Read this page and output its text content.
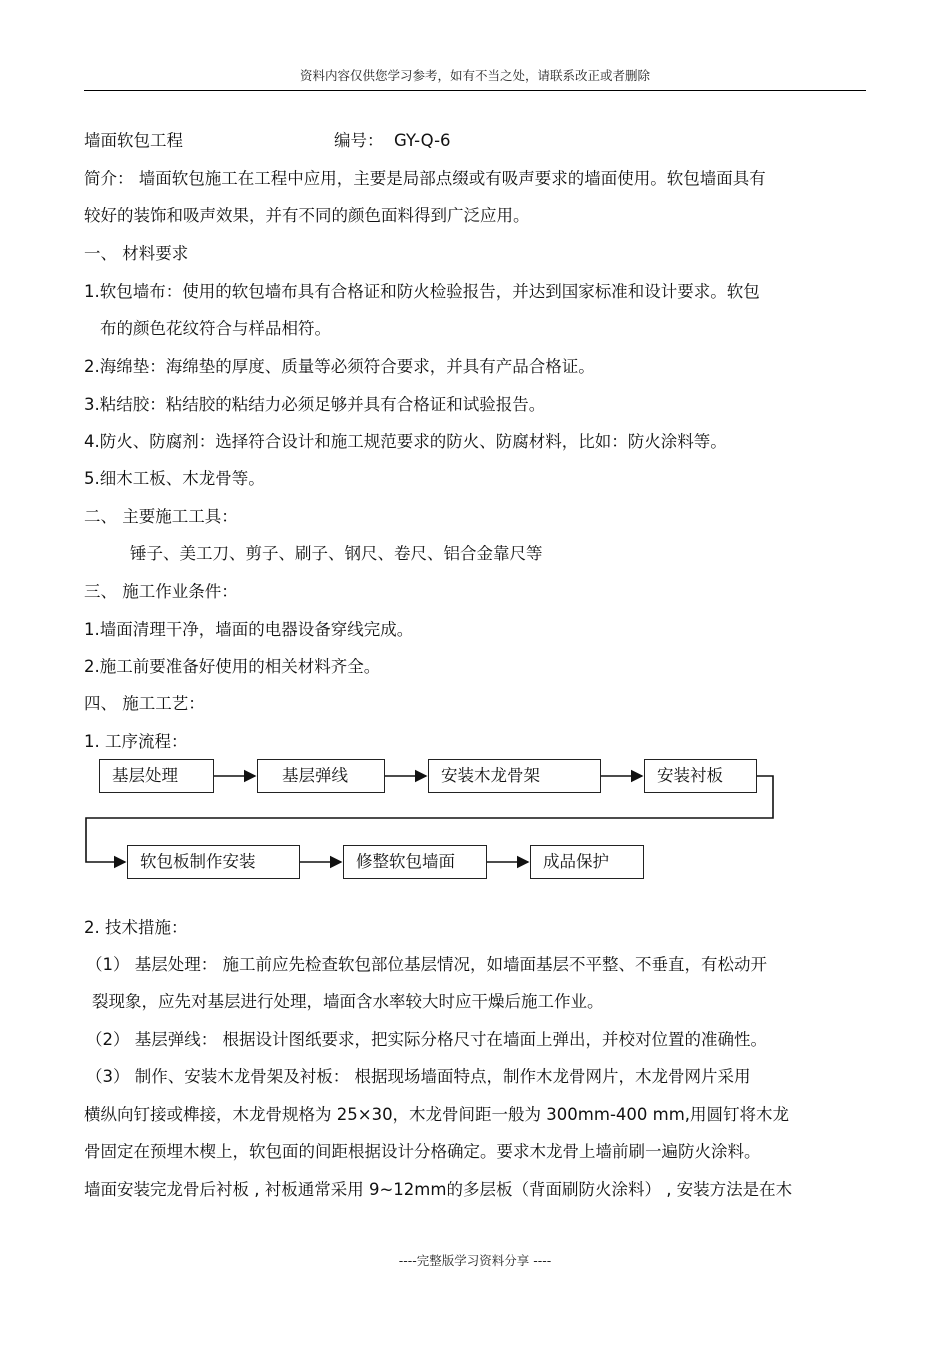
资料内容仅供您学习参考，如有不当之处，请联系改正或者删除
墙面软包工程	编号： GY-Q-6
简介： 墙面软包施工在工程中应用，主要是局部点缀或有吸声要求的墙面使用。软包墙面具有
较好的装饰和吸声效果，并有不同的颜色面料得到广泛应用。
一、 材料要求
1.软包墙布：使用的软包墙布具有合格证和防火检验报告，并达到国家标准和设计要求。软包
布的颜色花纹符合与样品相符。
2.海绵垫：海绵垫的厚度、质量等必须符合要求，并具有产品合格证。
3.粘结胶：粘结胶的粘结力必须足够并具有合格证和试验报告。
4.防火、防腐剂：选择符合设计和施工规范要求的防火、防腐材料，比如：防火涂料等。
5.细木工板、木龙骨等。
二、 主要施工工具：
锤子、美工刀、剪子、刷子、钢尺、卷尺、铝合金靠尺等
三、 施工作业条件：
1.墙面清理干净，墙面的电器设备穿线完成。
2.施工前要准备好使用的相关材料齐全。
四、 施工工艺：
1. 工序流程：
基层处理	基层弹线	安装木龙骨架	安装衬板
软包板制作安装	修整软包墙面	成品保护
2. 技术措施：
（1） 基层处理： 施工前应先检查软包部位基层情况，如墙面基层不平整、不垂直，有松动开
裂现象，应先对基层进行处理，墙面含水率较大时应干燥后施工作业。
（2） 基层弹线： 根据设计图纸要求，把实际分格尺寸在墙面上弹出，并校对位置的准确性。
（3） 制作、安装木龙骨架及衬板： 根据现场墙面特点，制作木龙骨网片，木龙骨网片采用
横纵向钉接或榫接，木龙骨规格为 25×30，木龙骨间距一般为 300mm-400 mm,用圆钉将木龙
骨固定在预埋木楔上，软包面的间距根据设计分格确定。要求木龙骨上墙前刷一遍防火涂料。
墙面安装完龙骨后衬板 , 衬板通常采用 9~12mm的多层板（背面刷防火涂料） , 安装方法是在木
----完整版学习资料分享 ----
